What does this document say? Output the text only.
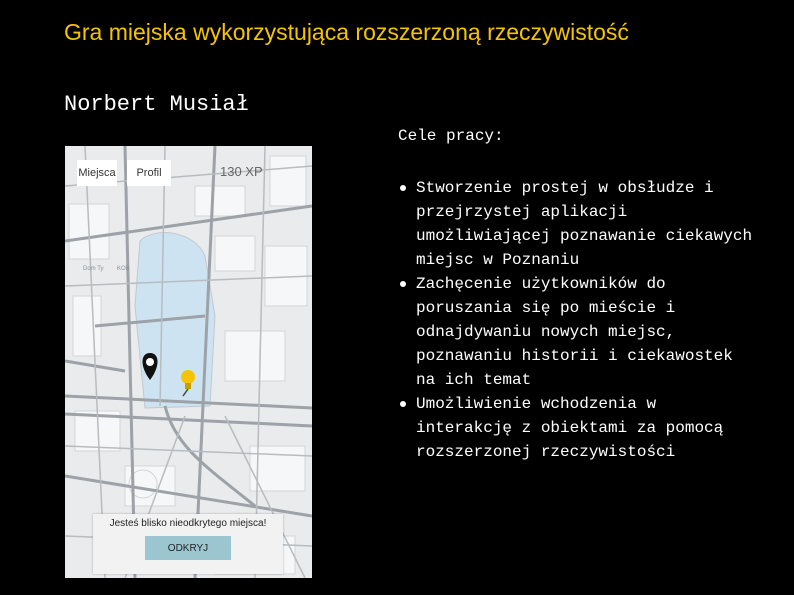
Gra miejska wykorzystująca rozszerzoną rzeczywistość
Norbert Musiał
Cele pracy:
Stworzenie prostej w obsłudze i przejrzystej aplikacji umożliwiającej poznawanie ciekawych miejsc w Poznaniu
Zachęcenie użytkowników do poruszania się po mieście i odnajdywaniu nowych miejsc, poznawaniu historii i ciekawostek na ich temat
Umożliwienie wchodzenia w interakcję z obiektami za pomocą rozszerzonej rzeczywistości
Miejsca	Profil	130 XP
Dom Ty KOB
Jesteś blisko nieodkrytego miejsca!
ODKRYJ
